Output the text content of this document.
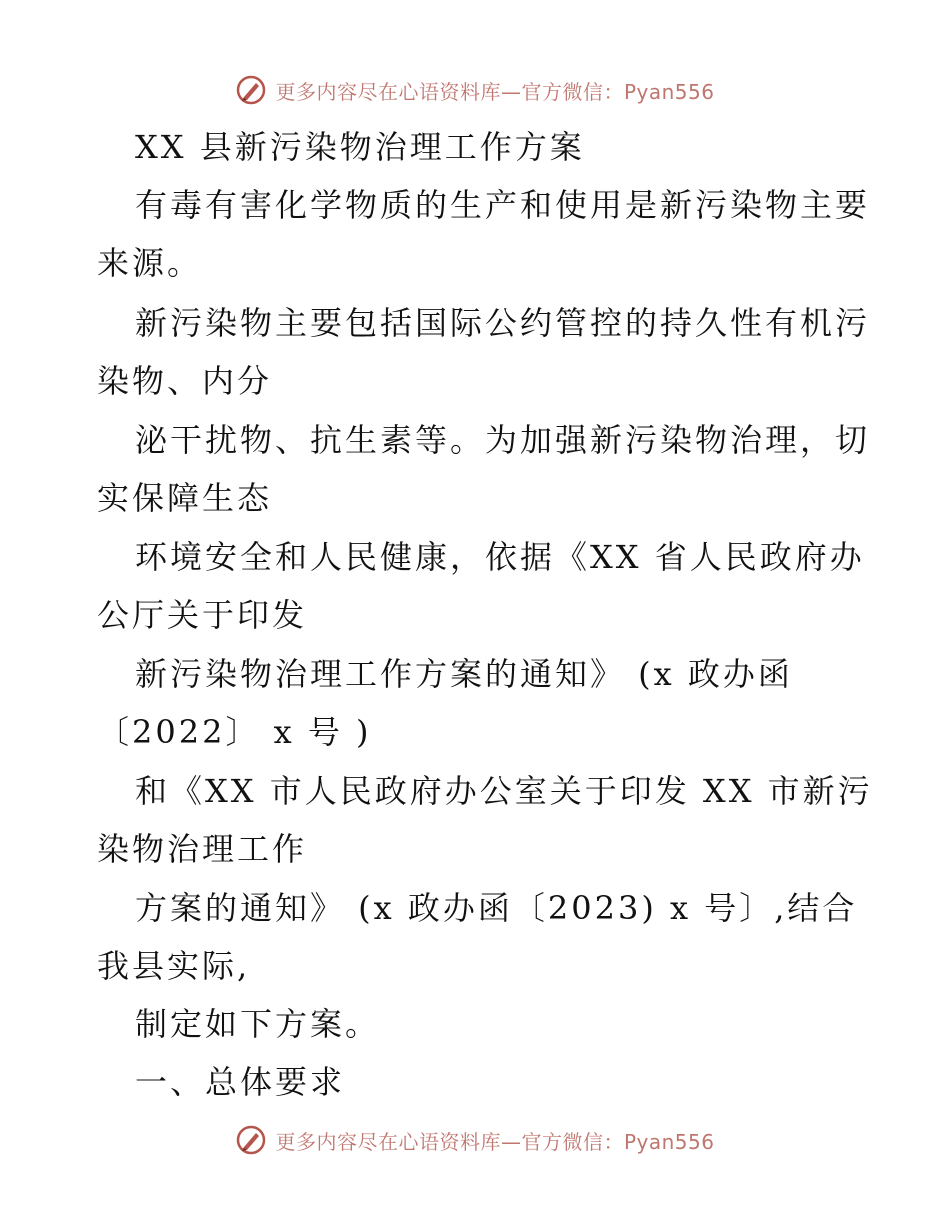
更多内容尽在心语资料库—官方微信：Pyan556
XX 县新污染物治理工作方案
有毒有害化学物质的生产和使用是新污染物主要
来源。
新污染物主要包括国际公约管控的持久性有机污
染物、内分
泌干扰物、抗生素等。为加强新污染物治理，切
实保障生态
环境安全和人民健康，依据《XX 省人民政府办
公厅关于印发
新污染物治理工作方案的通知》 (x 政办函
〔2022〕 x 号 )
和《XX 市人民政府办公室关于印发 XX 市新污
染物治理工作
方案的通知》 (x 政办函〔2023) x 号〕,结合
我县实际,
制定如下方案。
一、总体要求
更多内容尽在心语资料库—官方微信：Pyan556
